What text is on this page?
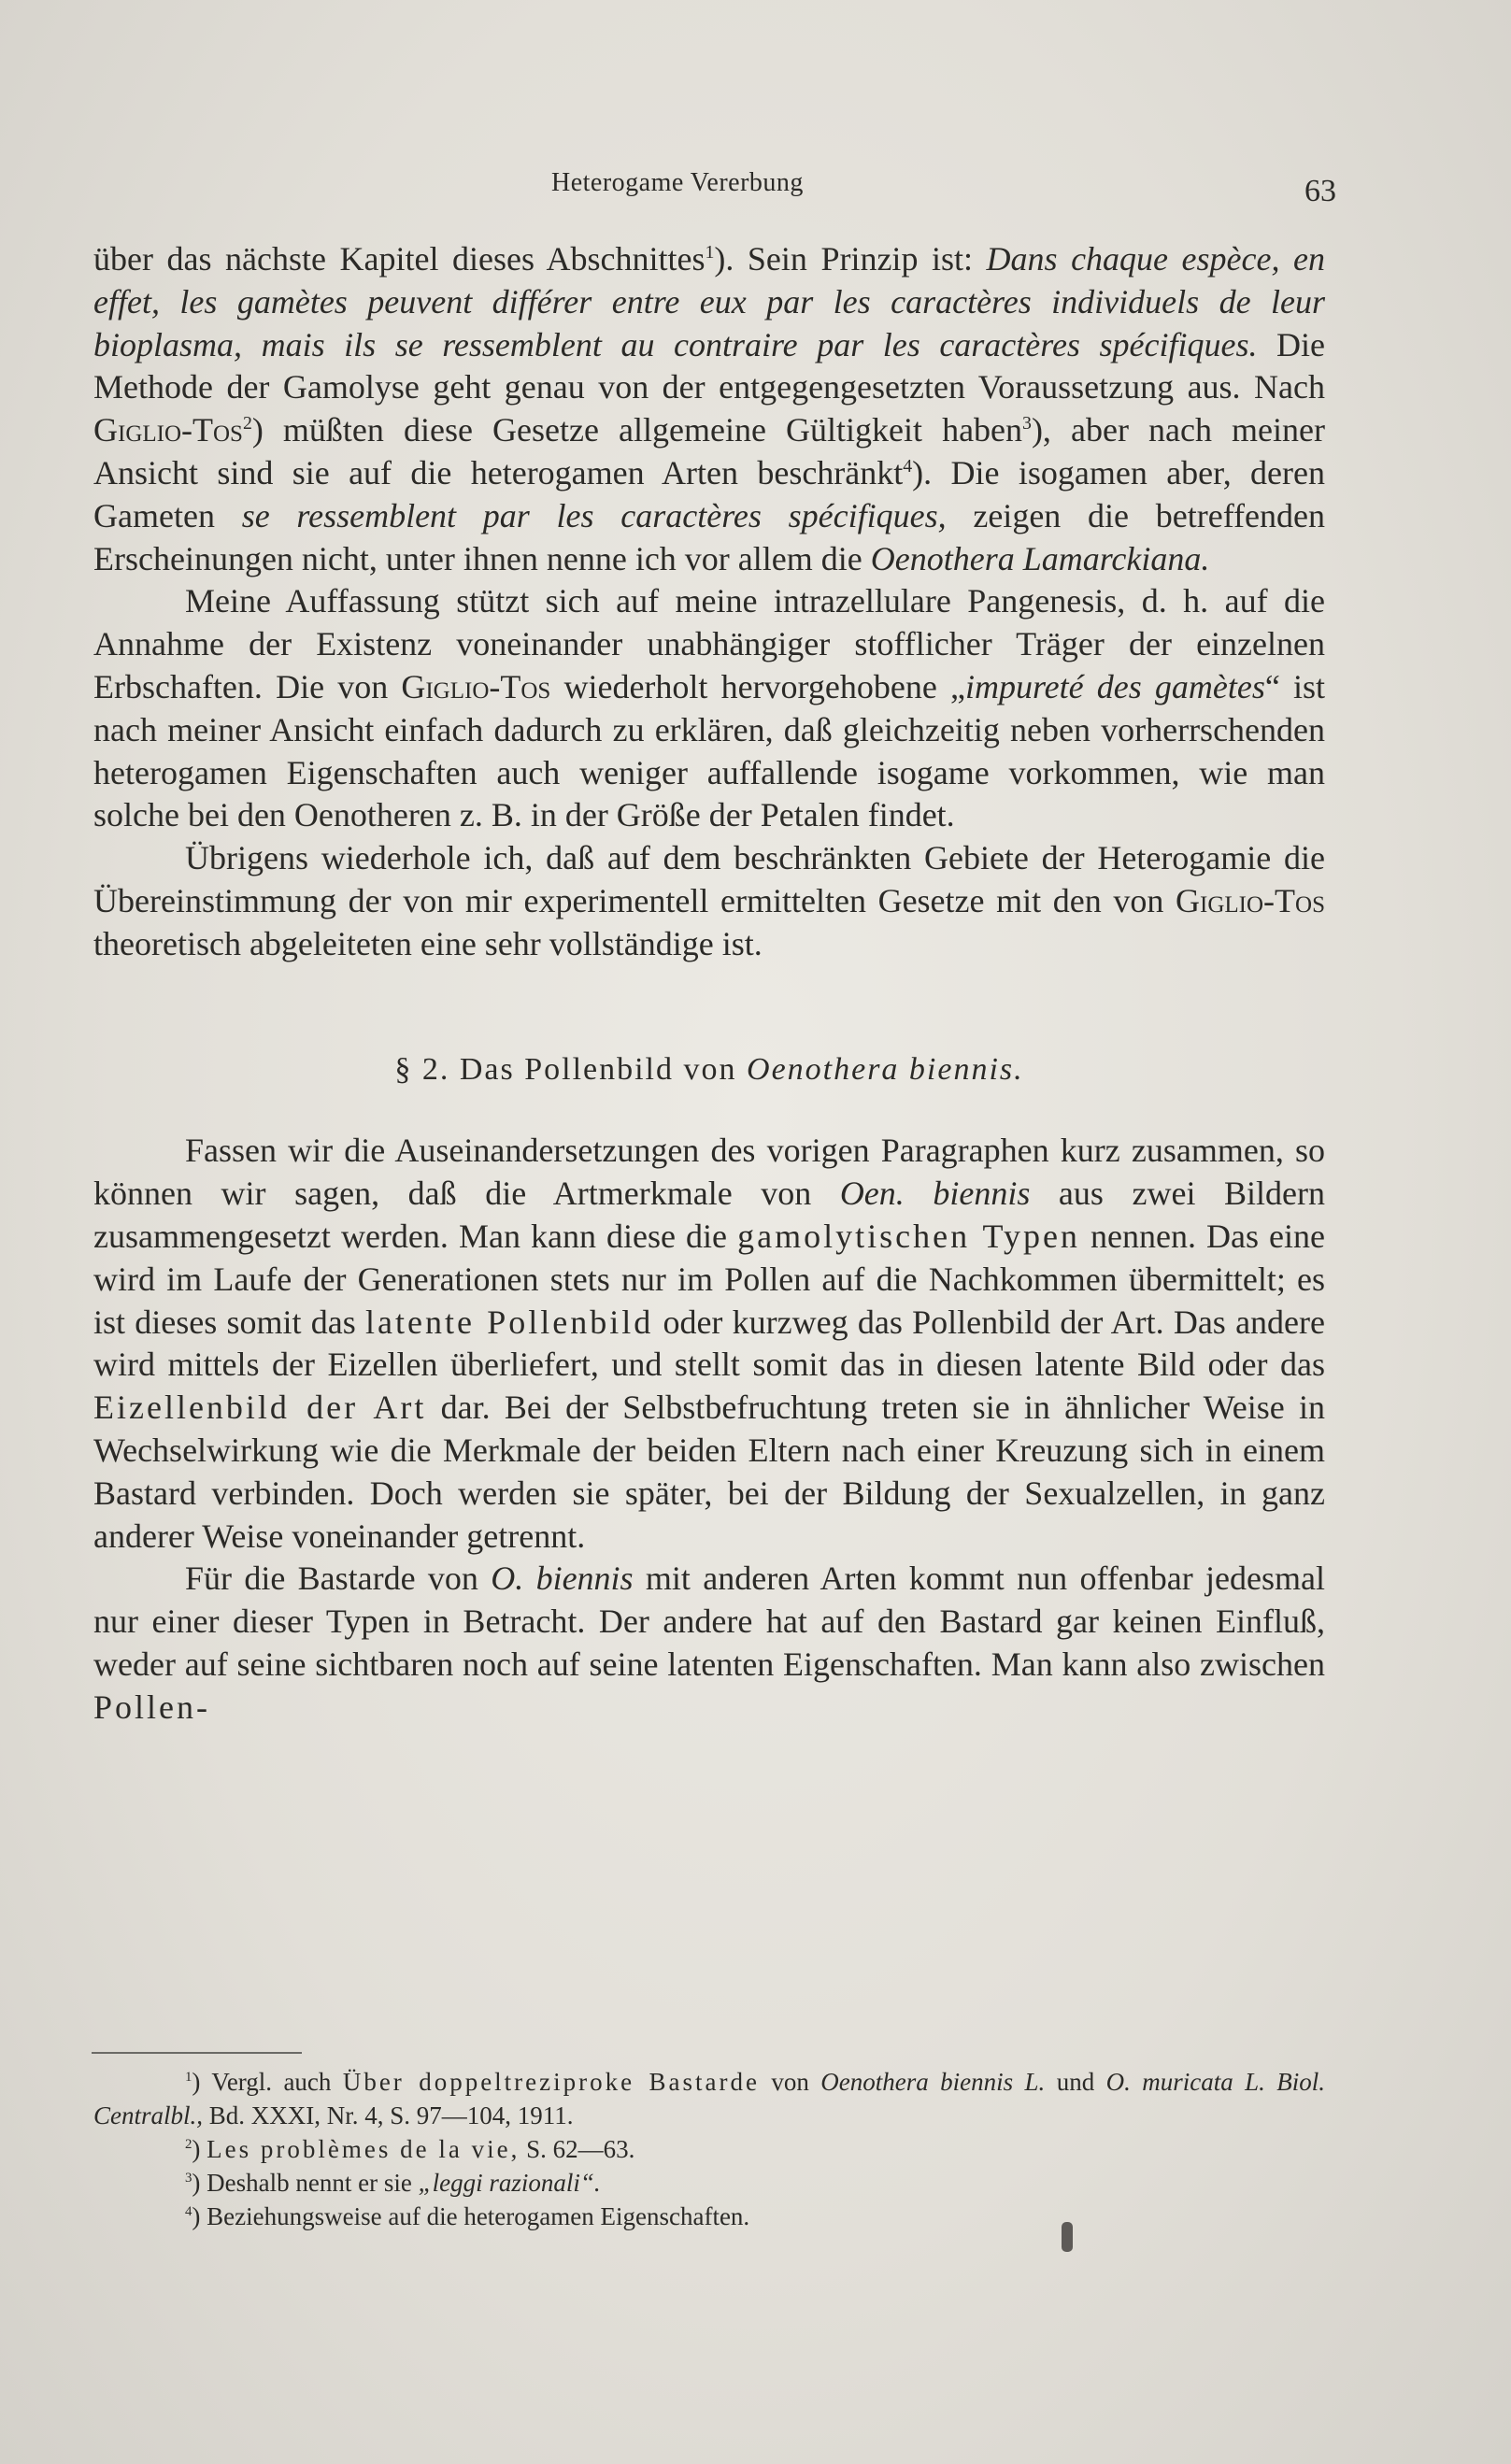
Heterogame Vererbung	63

über das nächste Kapitel dieses Abschnittes$^1$). Sein Prinzip ist: Dans chaque espèce, en effet, les gamètes peuvent différer entre eux par les caractères individuels de leur bioplasma, mais ils se ressemblent au contraire par les caractères spécifiques. Die Methode der Gamolyse geht genau von der entgegengesetzten Voraussetzung aus. Nach Giglio-Tos$^2$) müßten diese Gesetze allgemeine Gültigkeit haben$^3$), aber nach meiner Ansicht sind sie auf die heterogamen Arten beschränkt$^4$). Die isogamen aber, deren Gameten se ressemblent par les caractères spécifiques, zeigen die betreffenden Erscheinungen nicht, unter ihnen nenne ich vor allem die Oenothera Lamarckiana.

Meine Auffassung stützt sich auf meine intrazellulare Pangenesis, d. h. auf die Annahme der Existenz voneinander unabhängiger stofflicher Träger der einzelnen Erbschaften. Die von Giglio-Tos wiederholt hervorgehobene „impureté des gamètes“ ist nach meiner Ansicht einfach dadurch zu erklären, daß gleichzeitig neben vorherrschenden heterogamen Eigenschaften auch weniger auffallende isogame vorkommen, wie man solche bei den Oenotheren z. B. in der Größe der Petalen findet.

Übrigens wiederhole ich, daß auf dem beschränkten Gebiete der Heterogamie die Übereinstimmung der von mir experimentell ermittelten Gesetze mit den von Giglio-Tos theoretisch abgeleiteten eine sehr vollständige ist.

§ 2. Das Pollenbild von Oenothera biennis.

Fassen wir die Auseinandersetzungen des vorigen Paragraphen kurz zusammen, so können wir sagen, daß die Artmerkmale von Oen. biennis aus zwei Bildern zusammengesetzt werden. Man kann diese die gamolytischen Typen nennen. Das eine wird im Laufe der Generationen stets nur im Pollen auf die Nachkommen übermittelt; es ist dieses somit das latente Pollenbild oder kurzweg das Pollenbild der Art. Das andere wird mittels der Eizellen überliefert, und stellt somit das in diesen latente Bild oder das Eizellenbild der Art dar. Bei der Selbstbefruchtung treten sie in ähnlicher Weise in Wechselwirkung wie die Merkmale der beiden Eltern nach einer Kreuzung sich in einem Bastard verbinden. Doch werden sie später, bei der Bildung der Sexualzellen, in ganz anderer Weise voneinander getrennt.

Für die Bastarde von O. biennis mit anderen Arten kommt nun offenbar jedesmal nur einer dieser Typen in Betracht. Der andere hat auf den Bastard gar keinen Einfluß, weder auf seine sichtbaren noch auf seine latenten Eigenschaften. Man kann also zwischen Pollen-

$^1$) Vergl. auch Über doppeltreziproke Bastarde von Oenothera biennis L. und O. muricata L. Biol. Centralbl., Bd. XXXI, Nr. 4, S. 97—104, 1911.

$^2$) Les problèmes de la vie, S. 62—63.

$^3$) Deshalb nennt er sie „leggi razionali“.

$^4$) Beziehungsweise auf die heterogamen Eigenschaften.
